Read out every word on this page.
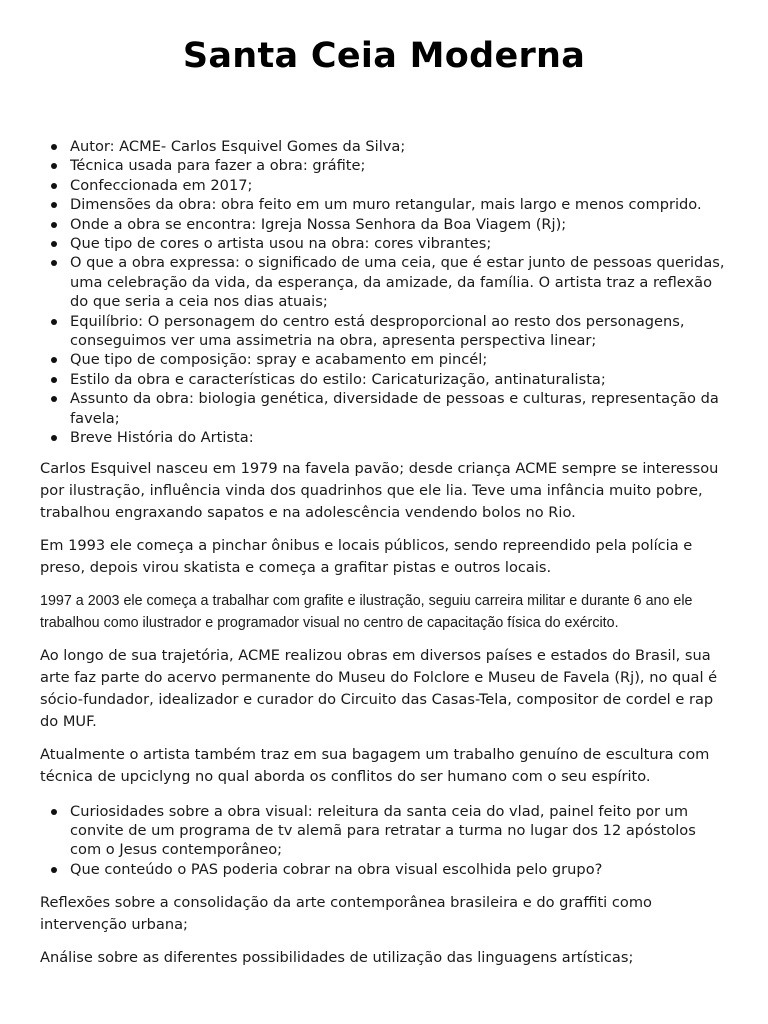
Santa Ceia Moderna
Autor: ACME- Carlos Esquivel Gomes da Silva;
Técnica usada para fazer a obra: gráfite;
Confeccionada em 2017;
Dimensões da obra: obra feito em um muro retangular, mais largo e menos comprido.
Onde a obra se encontra: Igreja Nossa Senhora da Boa Viagem (Rj);
Que tipo de cores o artista usou na obra: cores vibrantes;
O que a obra expressa: o significado de uma ceia, que é estar junto de pessoas queridas, uma celebração da vida, da esperança, da amizade, da família. O artista traz a reflexão do que seria a ceia nos dias atuais;
Equilíbrio: O personagem do centro está desproporcional ao resto dos personagens, conseguimos ver uma assimetria na obra, apresenta perspectiva linear;
Que tipo de composição: spray e acabamento em pincél;
Estilo da obra e características do estilo: Caricaturização, antinaturalista;
Assunto da obra: biologia genética, diversidade de pessoas e culturas, representação da favela;
Breve História do Artista:

Carlos Esquivel nasceu em 1979 na favela pavão; desde criança ACME sempre se interessou por ilustração, influência vinda dos quadrinhos que ele lia. Teve uma infância muito pobre, trabalhou engraxando sapatos e na adolescência vendendo bolos no Rio.

Em 1993 ele começa a pinchar ônibus e locais públicos, sendo repreendido pela polícia e preso, depois virou skatista e começa a grafitar pistas e outros locais.

1997 a 2003 ele começa a trabalhar com grafite e ilustração, seguiu carreira militar e durante 6 ano ele trabalhou como ilustrador e programador visual no centro de capacitação física do exército.

Ao longo de sua trajetória, ACME realizou obras em diversos países e estados do Brasil, sua arte faz parte do acervo permanente do Museu do Folclore e Museu de Favela (Rj), no qual é sócio-fundador, idealizador e curador do Circuito das Casas-Tela, compositor de cordel e rap do MUF.

Atualmente o artista também traz em sua bagagem um trabalho genuíno de escultura com técnica de upciclyng no qual aborda os conflitos do ser humano com o seu espírito.

Curiosidades sobre a obra visual: releitura da santa ceia do vlad, painel feito por um convite de um programa de tv alemã para retratar a turma no lugar dos 12 apóstolos com o Jesus contemporâneo;
Que conteúdo o PAS poderia cobrar na obra visual escolhida pelo grupo?

Reflexões sobre a consolidação da arte contemporânea brasileira e do graffiti como intervenção urbana;

Análise sobre as diferentes possibilidades de utilização das linguagens artísticas;
